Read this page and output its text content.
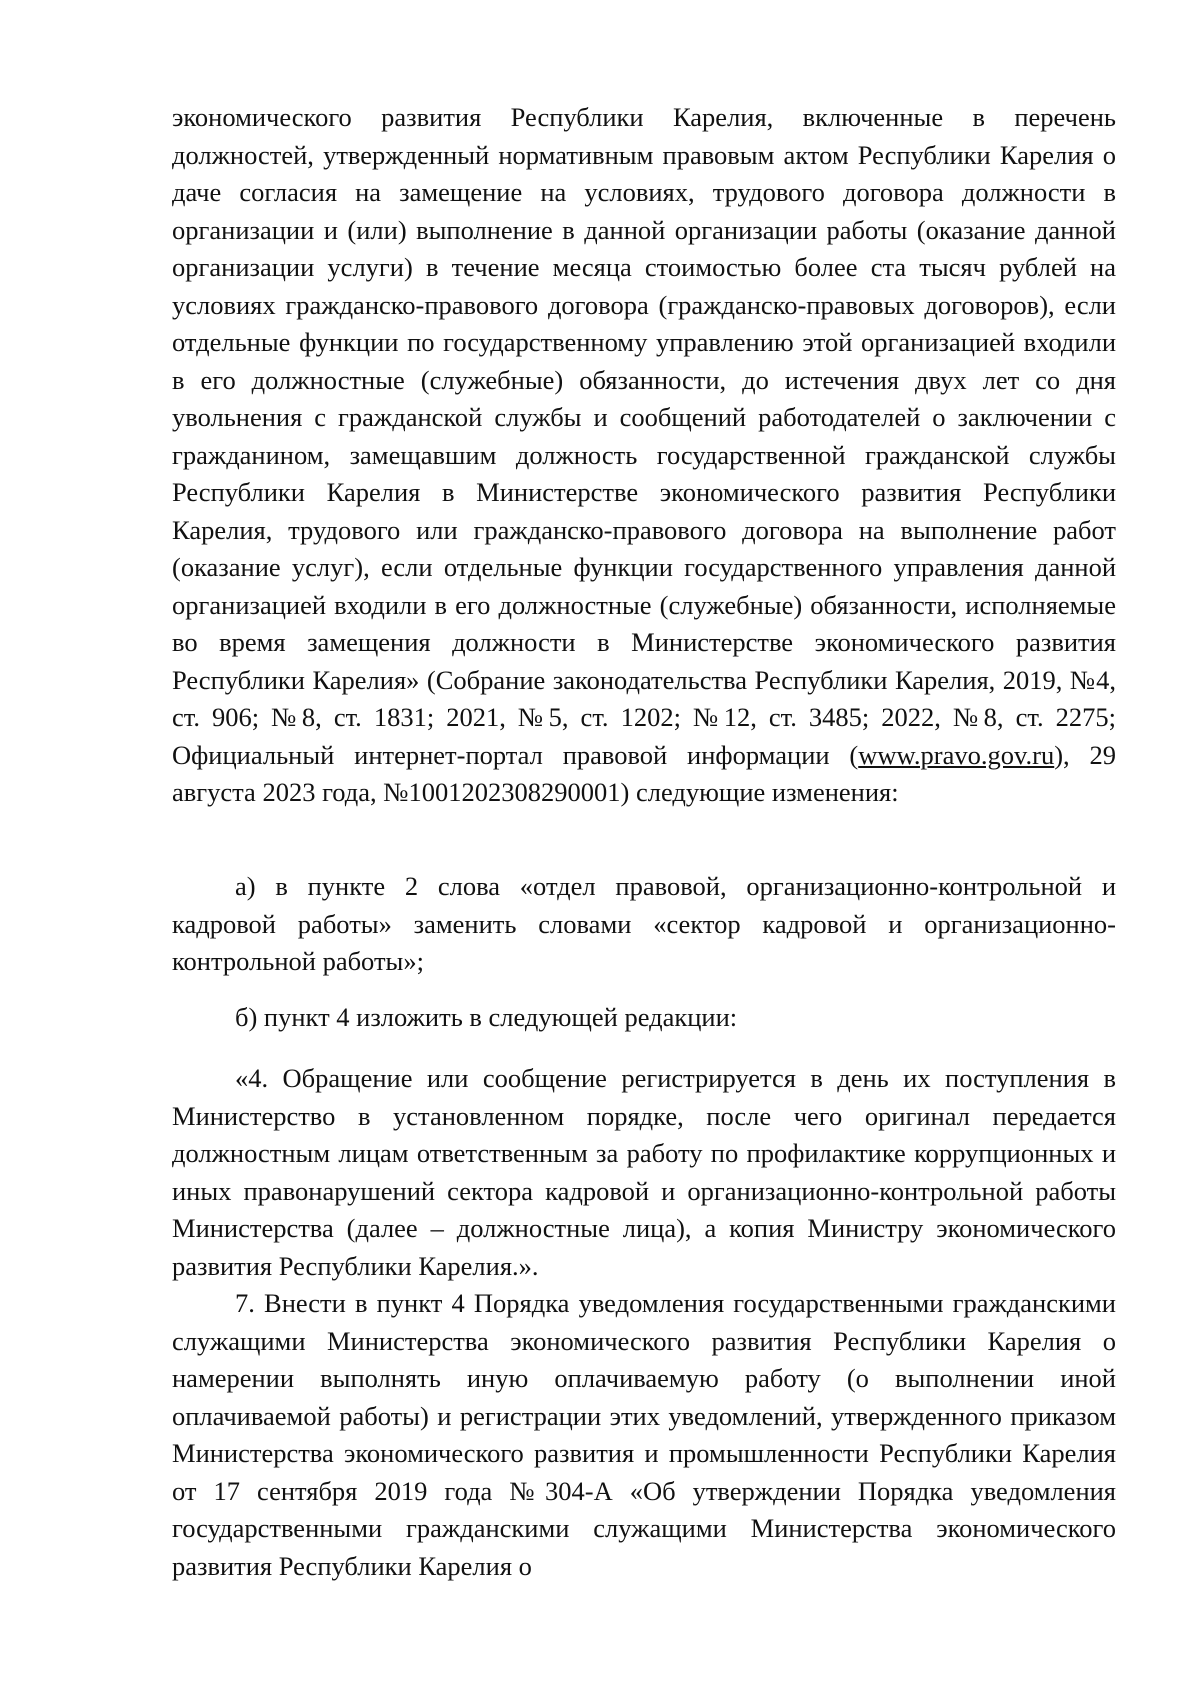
экономического развития Республики Карелия, включенные в перечень должностей, утвержденный нормативным правовым актом Республики Карелия о даче согласия на замещение на условиях, трудового договора должности в организации и (или) выполнение в данной организации работы (оказание данной организации услуги) в течение месяца стоимостью более ста тысяч рублей на условиях гражданско-правового договора (гражданско-правовых договоров), если отдельные функции по государственному управлению этой организацией входили в его должностные (служебные) обязанности, до истечения двух лет со дня увольнения с гражданской службы и сообщений работодателей о заключении с гражданином, замещавшим должность государственной гражданской службы Республики Карелия в Министерстве экономического развития Республики Карелия, трудового или гражданско-правового договора на выполнение работ (оказание услуг), если отдельные функции государственного управления данной организацией входили в его должностные (служебные) обязанности, исполняемые во время замещения должности в Министерстве экономического развития Республики Карелия» (Собрание законодательства Республики Карелия, 2019, №4, ст. 906; №8, ст. 1831; 2021, №5, ст. 1202; №12, ст. 3485; 2022, №8, ст. 2275; Официальный интернет-портал правовой информации (www.pravo.gov.ru), 29 августа 2023 года, №1001202308290001) следующие изменения:

а) в пункте 2 слова «отдел правовой, организационно-контрольной и кадровой работы» заменить словами «сектор кадровой и организационно-контрольной работы»;

б) пункт 4 изложить в следующей редакции:

«4. Обращение или сообщение регистрируется в день их поступления в Министерство в установленном порядке, после чего оригинал передается должностным лицам ответственным за работу по профилактике коррупционных и иных правонарушений сектора кадровой и организационно-контрольной работы Министерства (далее – должностные лица), а копия Министру экономического развития Республики Карелия.».

7. Внести в пункт 4 Порядка уведомления государственными гражданскими служащими Министерства экономического развития Республики Карелия о намерении выполнять иную оплачиваемую работу (о выполнении иной оплачиваемой работы) и регистрации этих уведомлений, утвержденного приказом Министерства экономического развития и промышленности Республики Карелия от 17 сентября 2019 года №304-А «Об утверждении Порядка уведомления государственными гражданскими служащими Министерства экономического развития Республики Карелия о
